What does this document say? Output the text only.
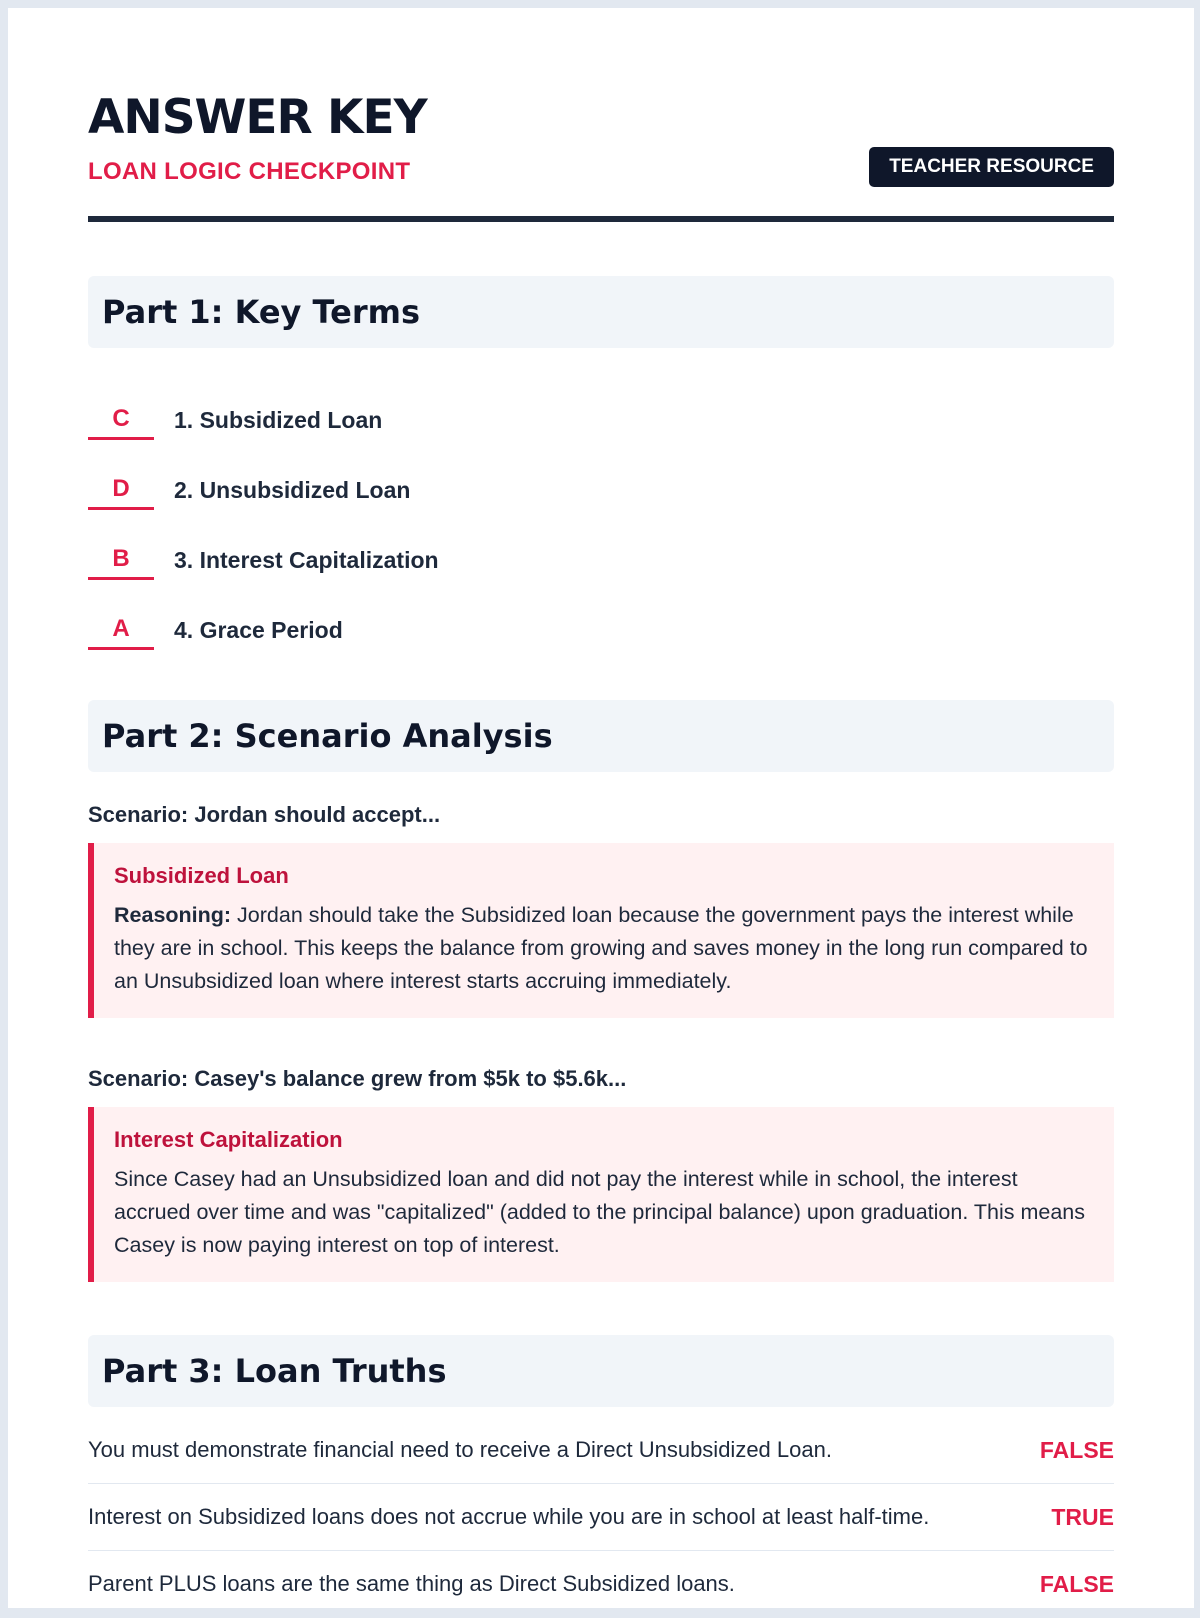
ANSWER KEY
LOAN LOGIC CHECKPOINT	TEACHER RESOURCE
Part 1: Key Terms
C	1. Subsidized Loan
D	2. Unsubsidized Loan
B	3. Interest Capitalization
A	4. Grace Period
Part 2: Scenario Analysis
Scenario: Jordan should accept...
Subsidized Loan
Reasoning: Jordan should take the Subsidized loan because the government pays the interest while they are in school. This keeps the balance from growing and saves money in the long run compared to an Unsubsidized loan where interest starts accruing immediately.
Scenario: Casey's balance grew from $5k to $5.6k...
Interest Capitalization
Since Casey had an Unsubsidized loan and did not pay the interest while in school, the interest accrued over time and was "capitalized" (added to the principal balance) upon graduation. This means Casey is now paying interest on top of interest.
Part 3: Loan Truths
You must demonstrate financial need to receive a Direct Unsubsidized Loan.	FALSE
Interest on Subsidized loans does not accrue while you are in school at least half-time.	TRUE
Parent PLUS loans are the same thing as Direct Subsidized loans.	FALSE
